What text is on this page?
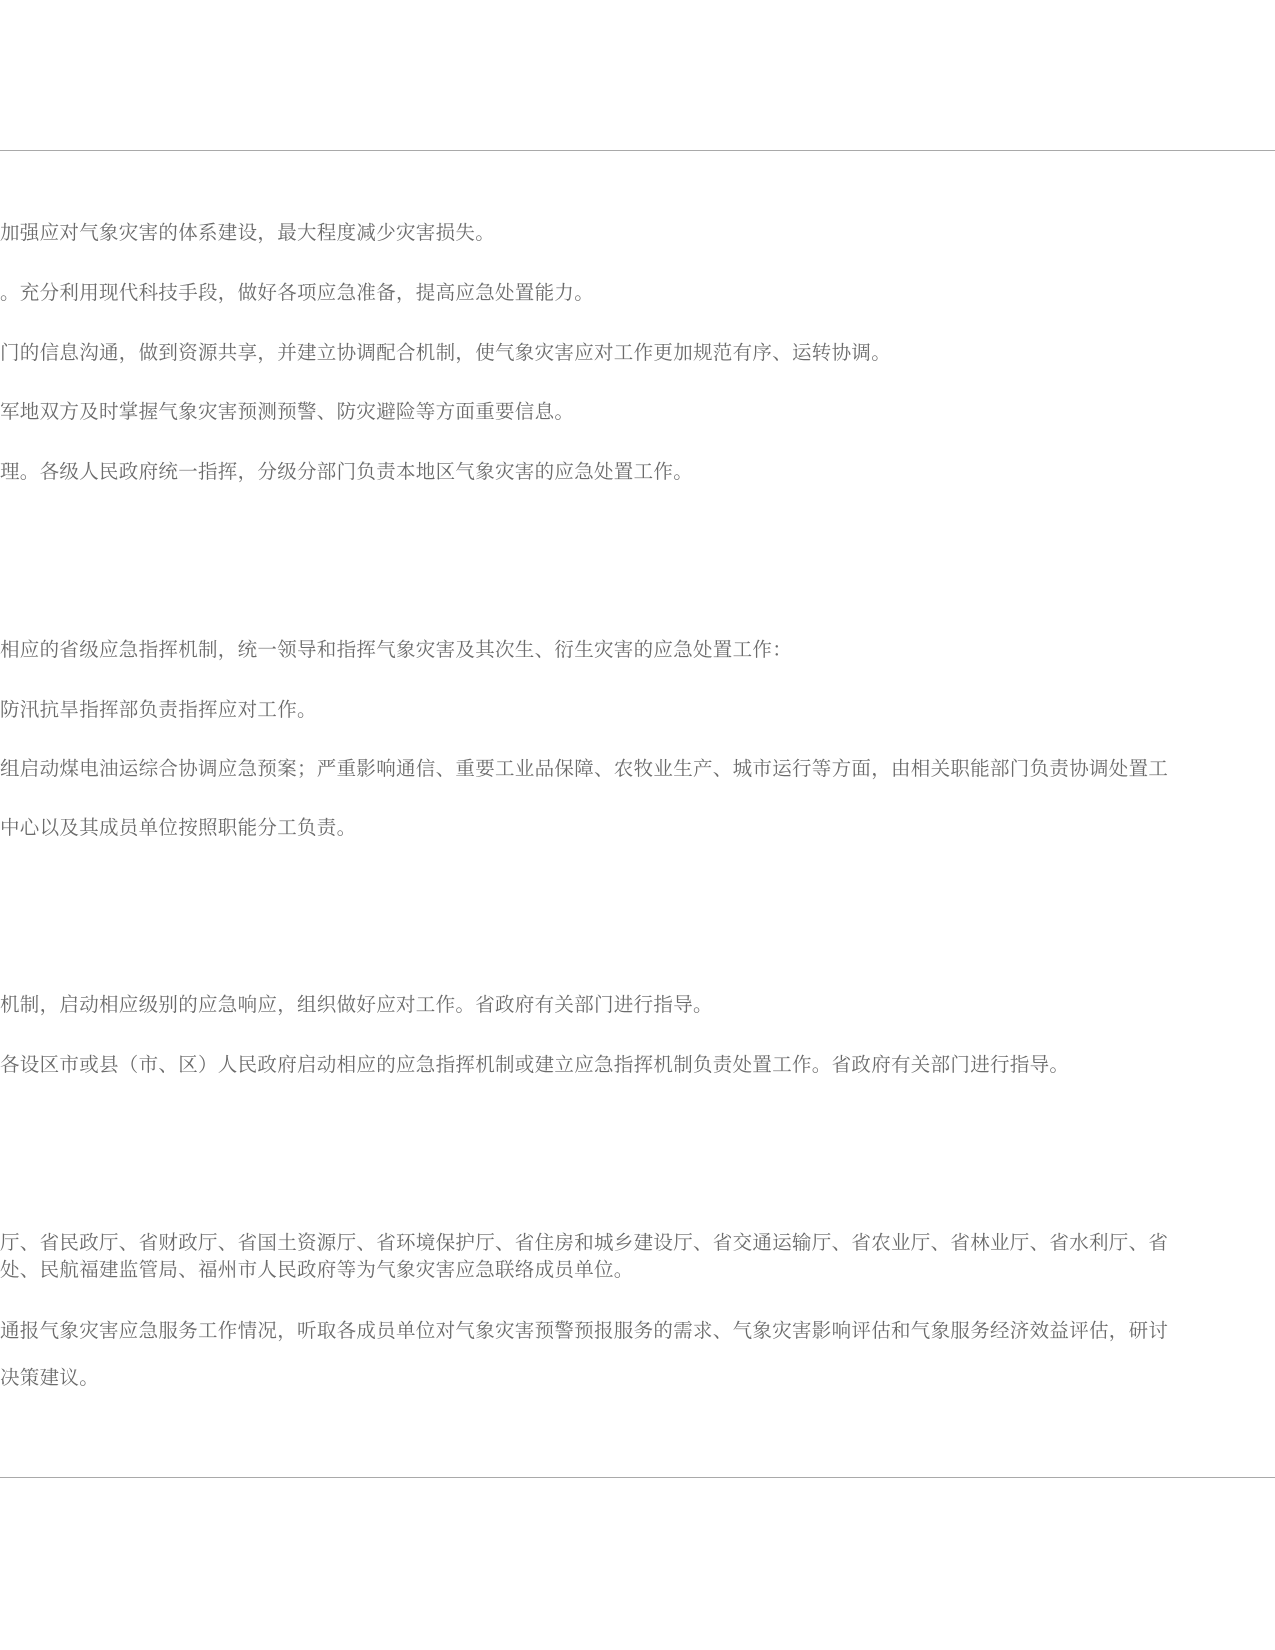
加强应对气象灾害的体系建设，最大程度减少灾害损失。
。充分利用现代科技手段，做好各项应急准备，提高应急处置能力。
门的信息沟通，做到资源共享，并建立协调配合机制，使气象灾害应对工作更加规范有序、运转协调。
军地双方及时掌握气象灾害预测预警、防灾避险等方面重要信息。
理。各级人民政府统一指挥，分级分部门负责本地区气象灾害的应急处置工作。
相应的省级应急指挥机制，统一领导和指挥气象灾害及其次生、衍生灾害的应急处置工作：
防汛抗旱指挥部负责指挥应对工作。
组启动煤电油运综合协调应急预案；严重影响通信、重要工业品保障、农牧业生产、城市运行等方面，由相关职能部门负责协调处置工
中心以及其成员单位按照职能分工负责。
机制，启动相应级别的应急响应，组织做好应对工作。省政府有关部门进行指导。
各设区市或县（市、区）人民政府启动相应的应急指挥机制或建立应急指挥机制负责处置工作。省政府有关部门进行指导。
厅、省民政厅、省财政厅、省国土资源厅、省环境保护厅、省住房和城乡建设厅、省交通运输厅、省农业厅、省林业厅、省水利厅、省
处、民航福建监管局、福州市人民政府等为气象灾害应急联络成员单位。
通报气象灾害应急服务工作情况，听取各成员单位对气象灾害预警预报服务的需求、气象灾害影响评估和气象服务经济效益评估，研讨
决策建议。
